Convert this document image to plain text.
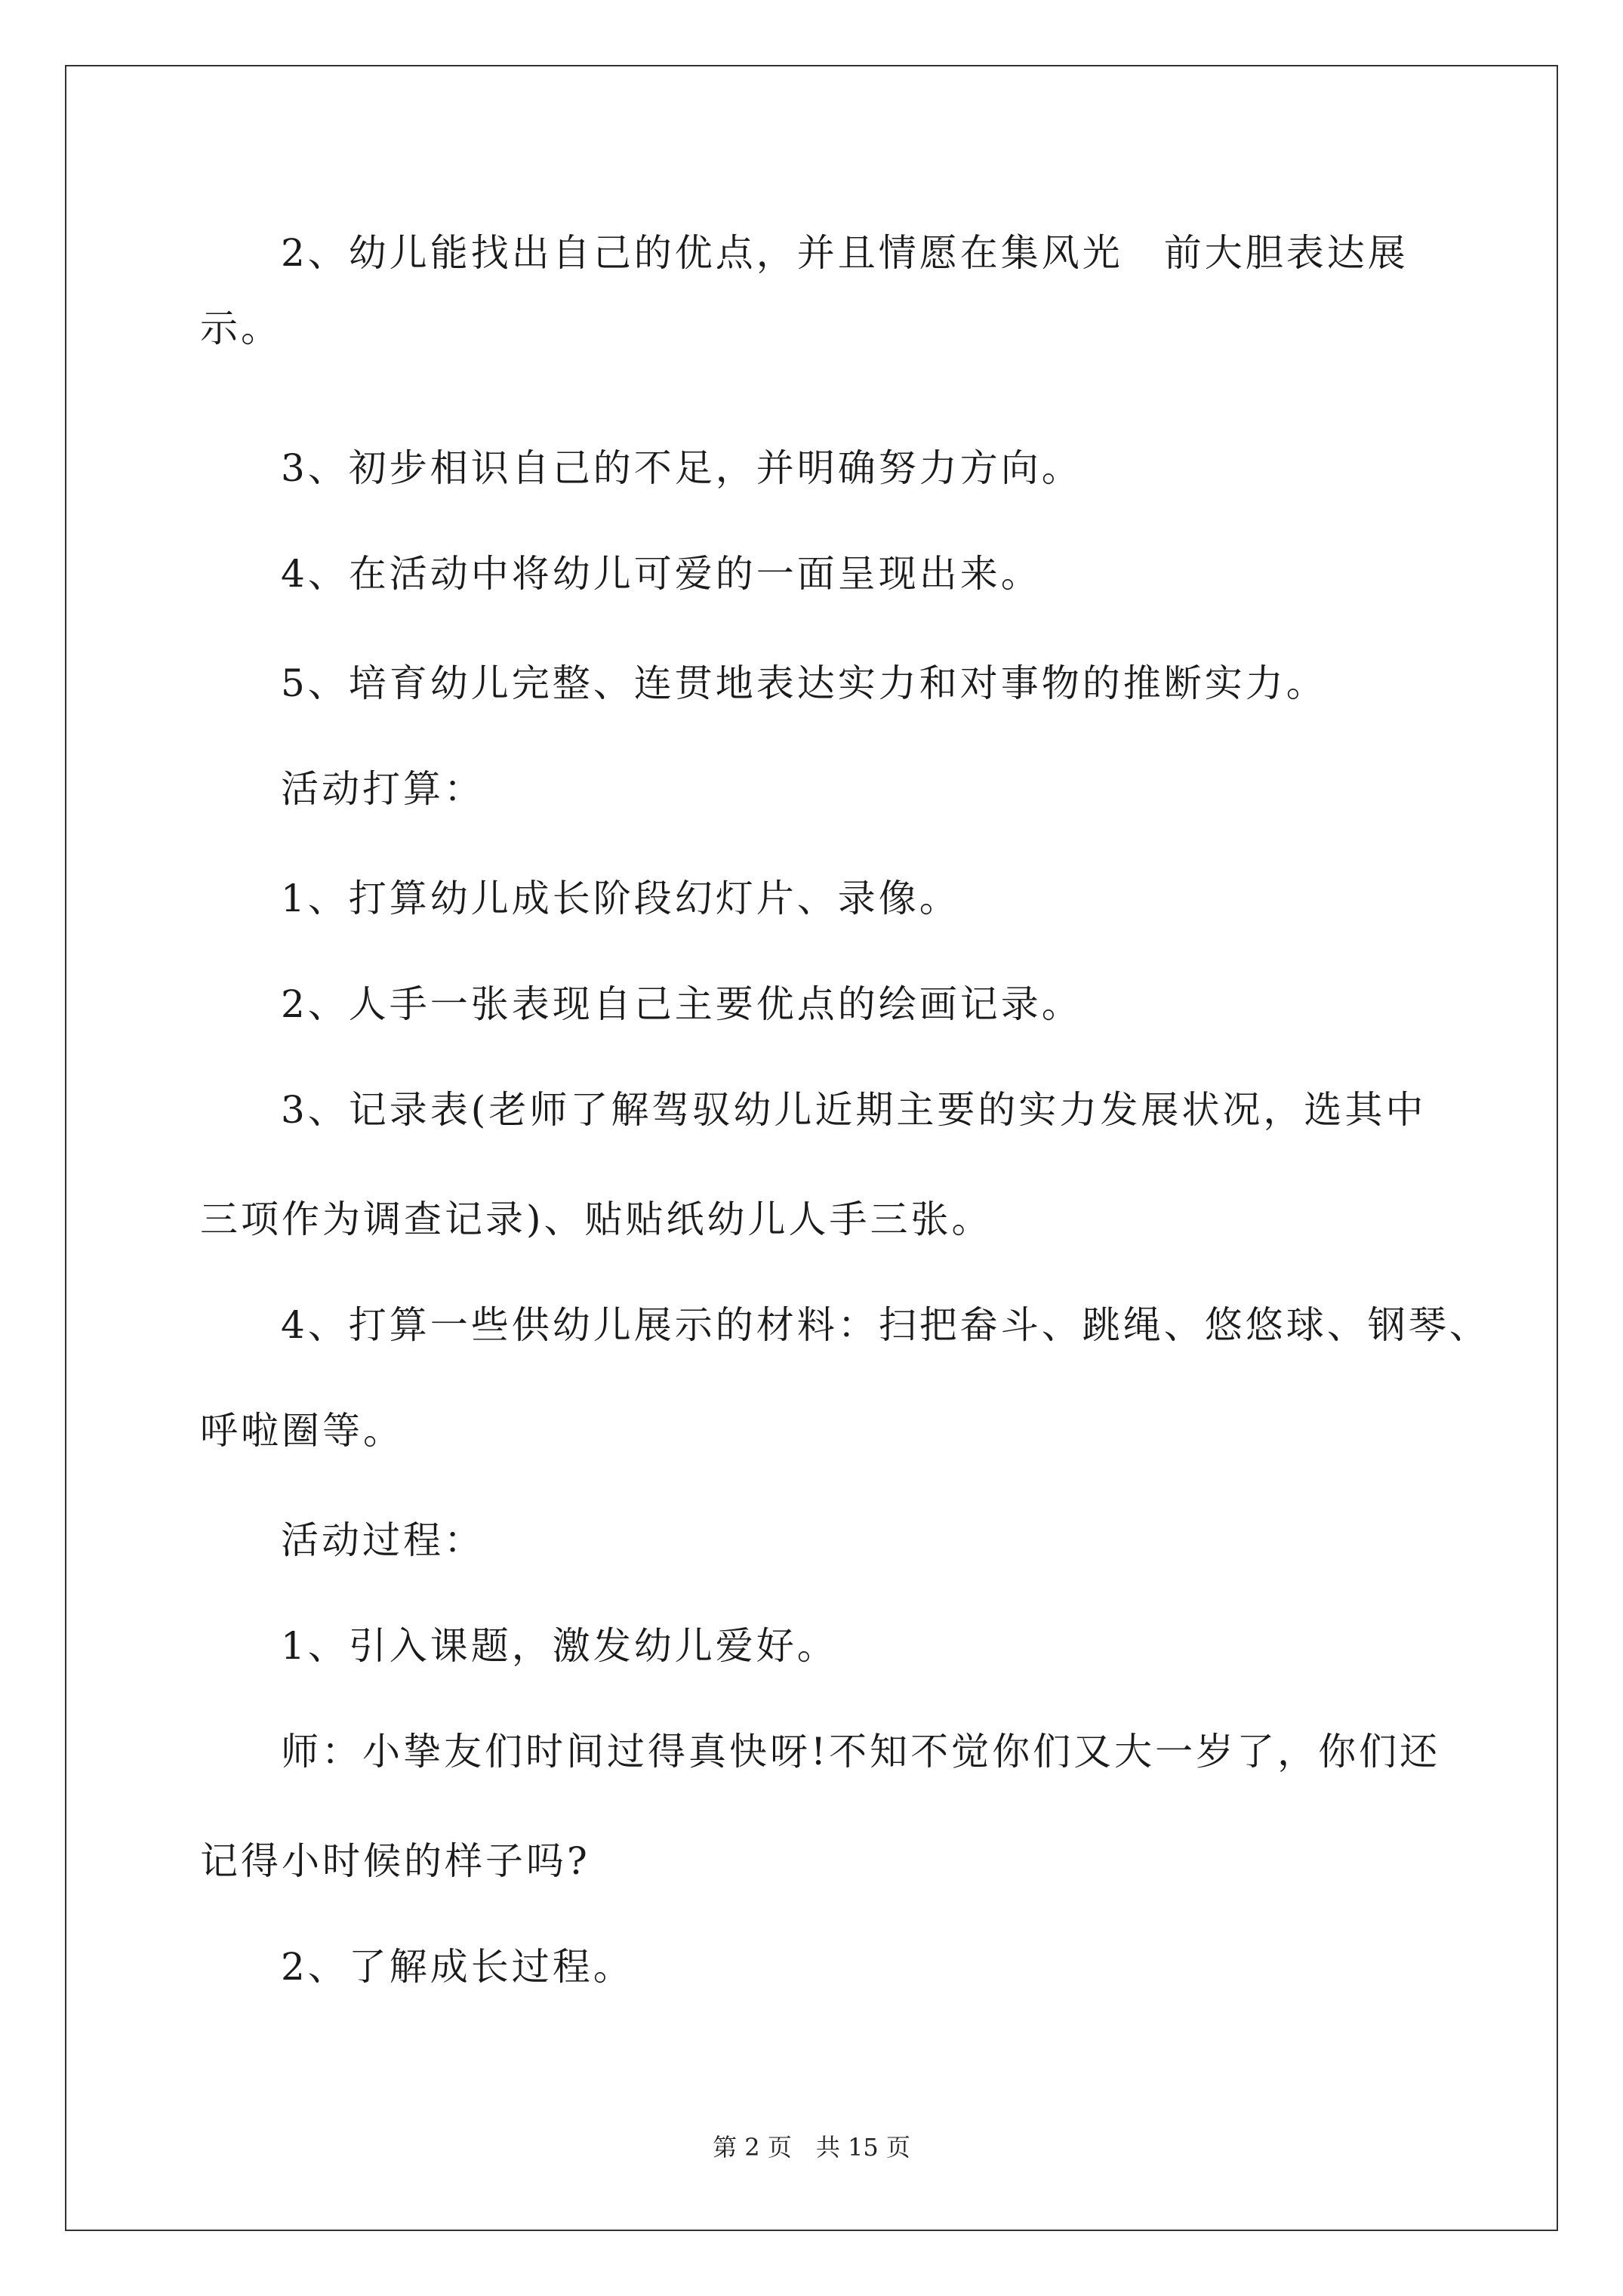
2、幼儿能找出自己的优点，并且情愿在集风光　前大胆表达展
示。
3、初步相识自己的不足，并明确努力方向。
4、在活动中将幼儿可爱的一面呈现出来。
5、培育幼儿完整、连贯地表达实力和对事物的推断实力。
活动打算：
1、打算幼儿成长阶段幻灯片、录像。
2、人手一张表现自己主要优点的绘画记录。
3、记录表(老师了解驾驭幼儿近期主要的实力发展状况，选其中
三项作为调查记录)、贴贴纸幼儿人手三张。
4、打算一些供幼儿展示的材料：扫把畚斗、跳绳、悠悠球、钢琴、
呼啦圈等。
活动过程：
1、引入课题，激发幼儿爱好。
师：小挚友们时间过得真快呀!不知不觉你们又大一岁了，你们还
记得小时候的样子吗?
2、了解成长过程。
第 2 页　共 15 页
